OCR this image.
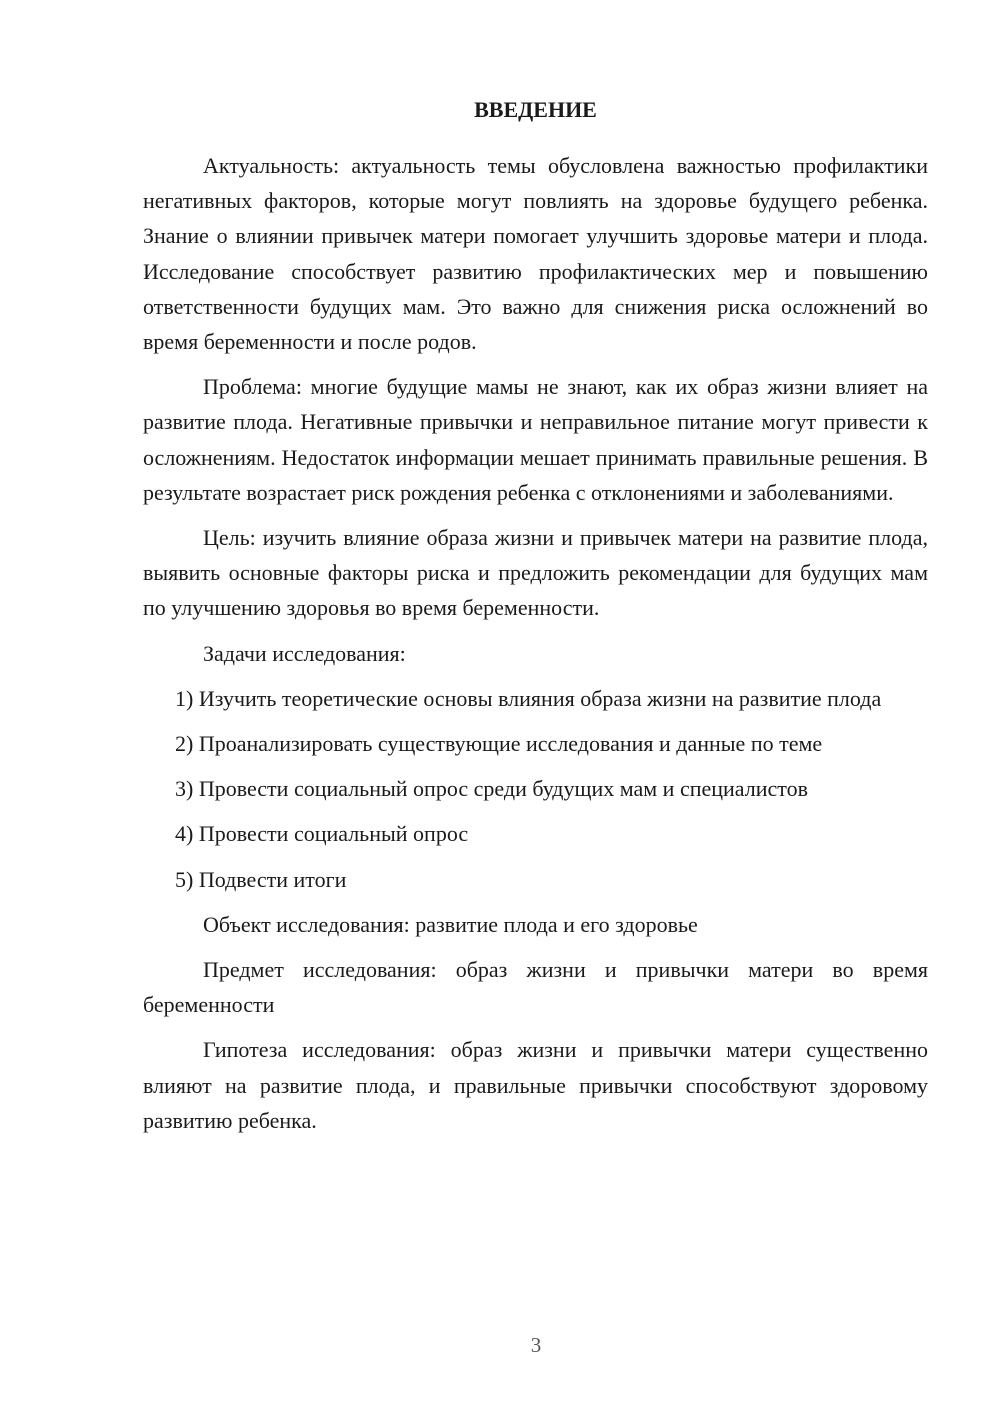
ВВЕДЕНИЕ

Актуальность: актуальность темы обусловлена важностью профилактики негативных факторов, которые могут повлиять на здоровье будущего ребенка. Знание о влиянии привычек матери помогает улучшить здоровье матери и плода. Исследование способствует развитию профилактических мер и повышению ответственности будущих мам. Это важно для снижения риска осложнений во время беременности и после родов.

Проблема: многие будущие мамы не знают, как их образ жизни влияет на развитие плода. Негативные привычки и неправильное питание могут привести к осложнениям. Недостаток информации мешает принимать правильные решения. В результате возрастает риск рождения ребенка с отклонениями и заболеваниями.

Цель: изучить влияние образа жизни и привычек матери на развитие плода, выявить основные факторы риска и предложить рекомендации для будущих мам по улучшению здоровья во время беременности.

Задачи исследования:

1) Изучить теоретические основы влияния образа жизни на развитие плода

2) Проанализировать существующие исследования и данные по теме

3) Провести социальный опрос среди будущих мам и специалистов

4) Провести социальный опрос

5) Подвести итоги

Объект исследования: развитие плода и его здоровье

Предмет исследования: образ жизни и привычки матери во время беременности

Гипотеза исследования: образ жизни и привычки матери существенно влияют на развитие плода, и правильные привычки способствуют здоровому развитию ребенка.

3
